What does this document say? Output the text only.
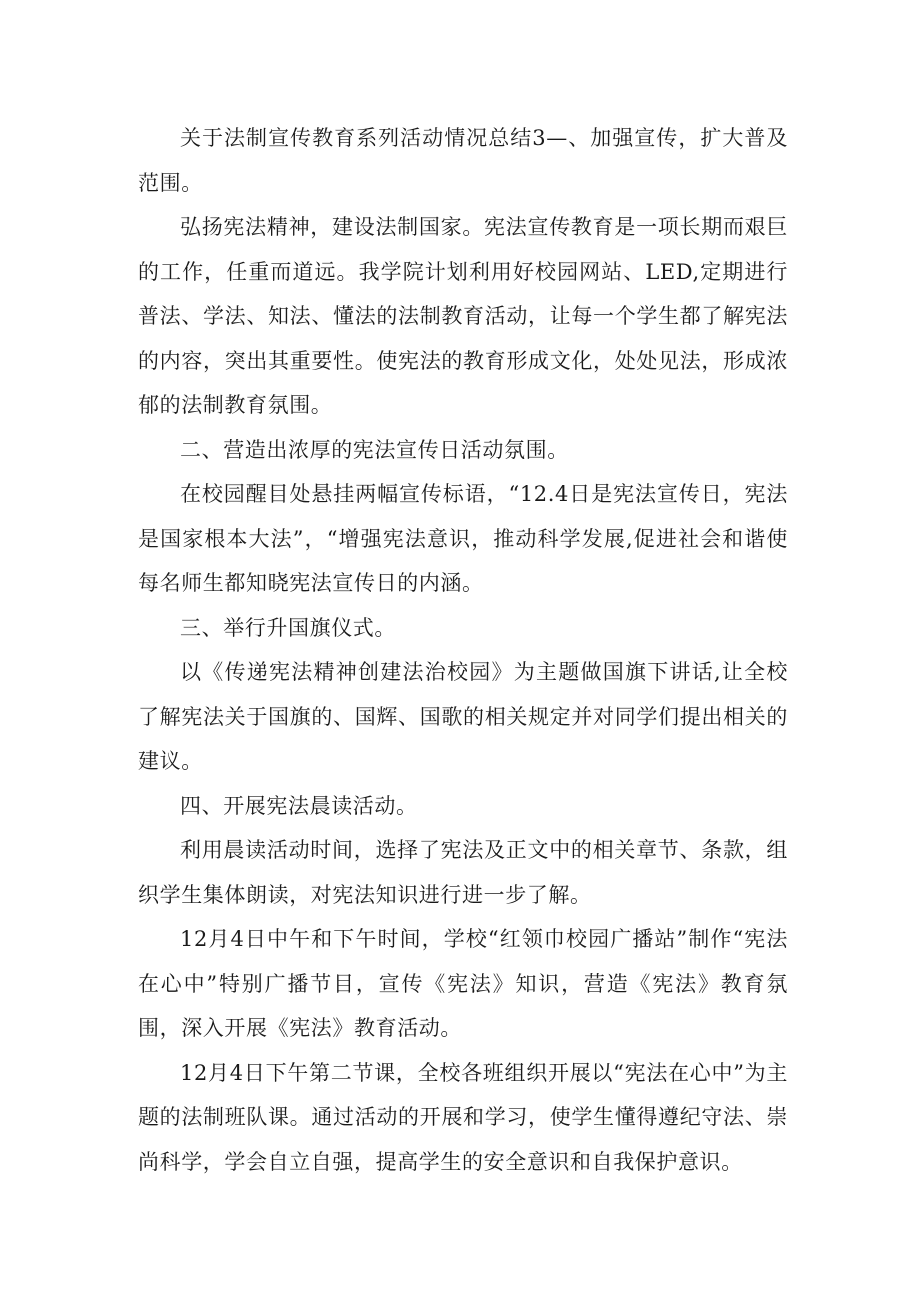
关于法制宣传教育系列活动情况总结3—、加强宣传，扩大普及范围。

弘扬宪法精神，建设法制国家。宪法宣传教育是一项长期而艰巨的工作，任重而道远。我学院计划利用好校园网站、LED,定期进行普法、学法、知法、懂法的法制教育活动，让每一个学生都了解宪法的内容，突出其重要性。使宪法的教育形成文化，处处见法，形成浓郁的法制教育氛围。

二、营造出浓厚的宪法宣传日活动氛围。

在校园醒目处悬挂两幅宣传标语，“12.4日是宪法宣传日，宪法是国家根本大法”，“增强宪法意识，推动科学发展,促进社会和谐使每名师生都知晓宪法宣传日的内涵。

三、举行升国旗仪式。

以《传递宪法精神创建法治校园》为主题做国旗下讲话,让全校了解宪法关于国旗的、国辉、国歌的相关规定并对同学们提出相关的建议。

四、开展宪法晨读活动。

利用晨读活动时间，选择了宪法及正文中的相关章节、条款，组织学生集体朗读，对宪法知识进行进一步了解。

12月4日中午和下午时间，学校“红领巾校园广播站”制作“宪法在心中”特别广播节目，宣传《宪法》知识，营造《宪法》教育氛围，深入开展《宪法》教育活动。

12月4日下午第二节课，全校各班组织开展以“宪法在心中”为主题的法制班队课。通过活动的开展和学习，使学生懂得遵纪守法、崇尚科学，学会自立自强，提高学生的安全意识和自我保护意识。
